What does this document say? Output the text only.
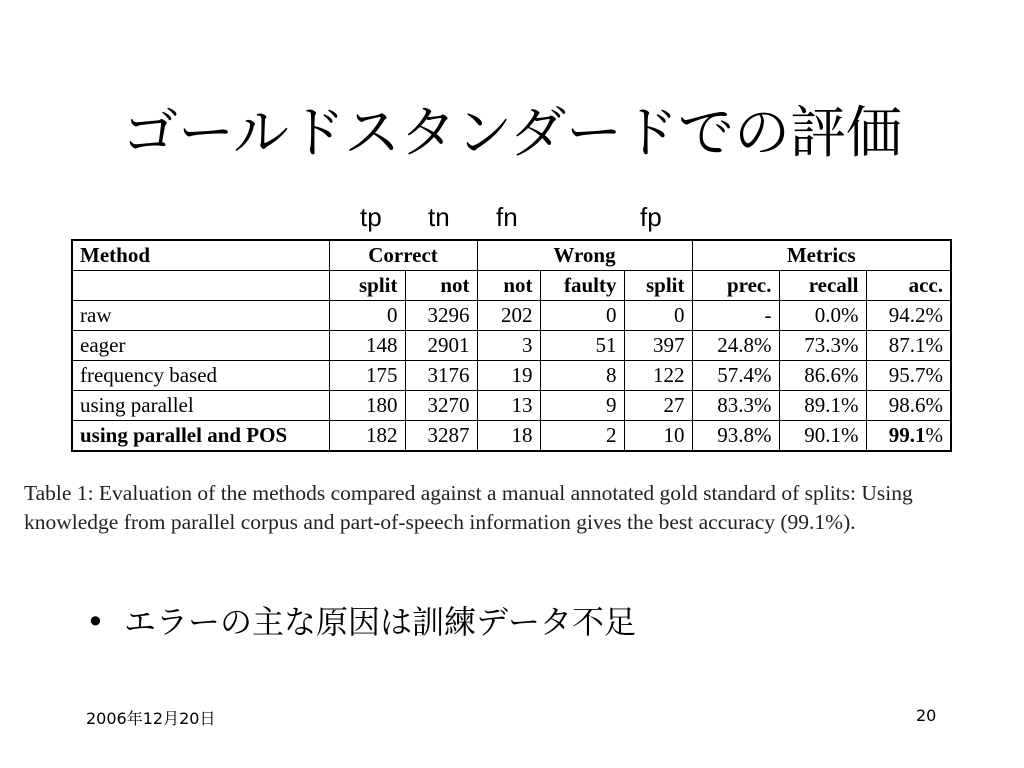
ゴールドスタンダードでの評価
tp tn fn	fp
Method	Correct		Wrong			Metrics		
	split	not	not	faulty	split	prec.	recall	acc.
raw	0	3296	202	0	0	-	0.0%	94.2%
eager	148	2901	3	51	397	24.8%	73.3%	87.1%
frequency based	175	3176	19	8	122	57.4%	86.6%	95.7%
using parallel	180	3270	13	9	27	83.3%	89.1%	98.6%
using parallel and POS	182	3287	18	2	10	93.8%	90.1%	99.1%
Table 1: Evaluation of the methods compared against a manual annotated gold standard of splits: Using knowledge from parallel corpus and part-of-speech information gives the best accuracy (99.1%).
• エラーの主な原因は訓練データ不足
2006年12月20日	20
